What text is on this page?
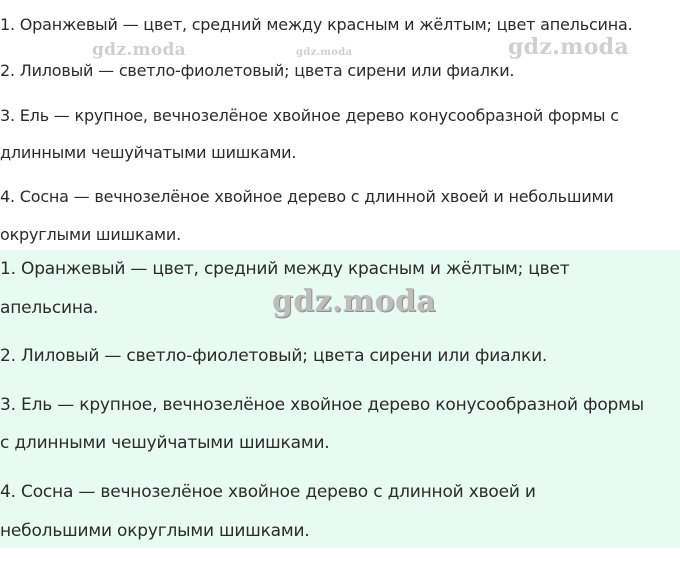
1. Оранжевый — цвет, средний между красным и жёлтым; цвет апельсина.
2. Лиловый — светло-фиолетовый; цвета сирени или фиалки.
3. Ель — крупное, вечнозелёное хвойное дерево конусообразной формы с
длинными чешуйчатыми шишками.
4. Сосна — вечнозелёное хвойное дерево с длинной хвоей и небольшими
округлыми шишками.
1. Оранжевый — цвет, средний между красным и жёлтым; цвет
апельсина.
2. Лиловый — светло-фиолетовый; цвета сирени или фиалки.
3. Ель — крупное, вечнозелёное хвойное дерево конусообразной формы
с длинными чешуйчатыми шишками.
4. Сосна — вечнозелёное хвойное дерево с длинной хвоей и
небольшими округлыми шишками.
gdz.moda	gdz.moda	gdz.moda
gdz.moda
